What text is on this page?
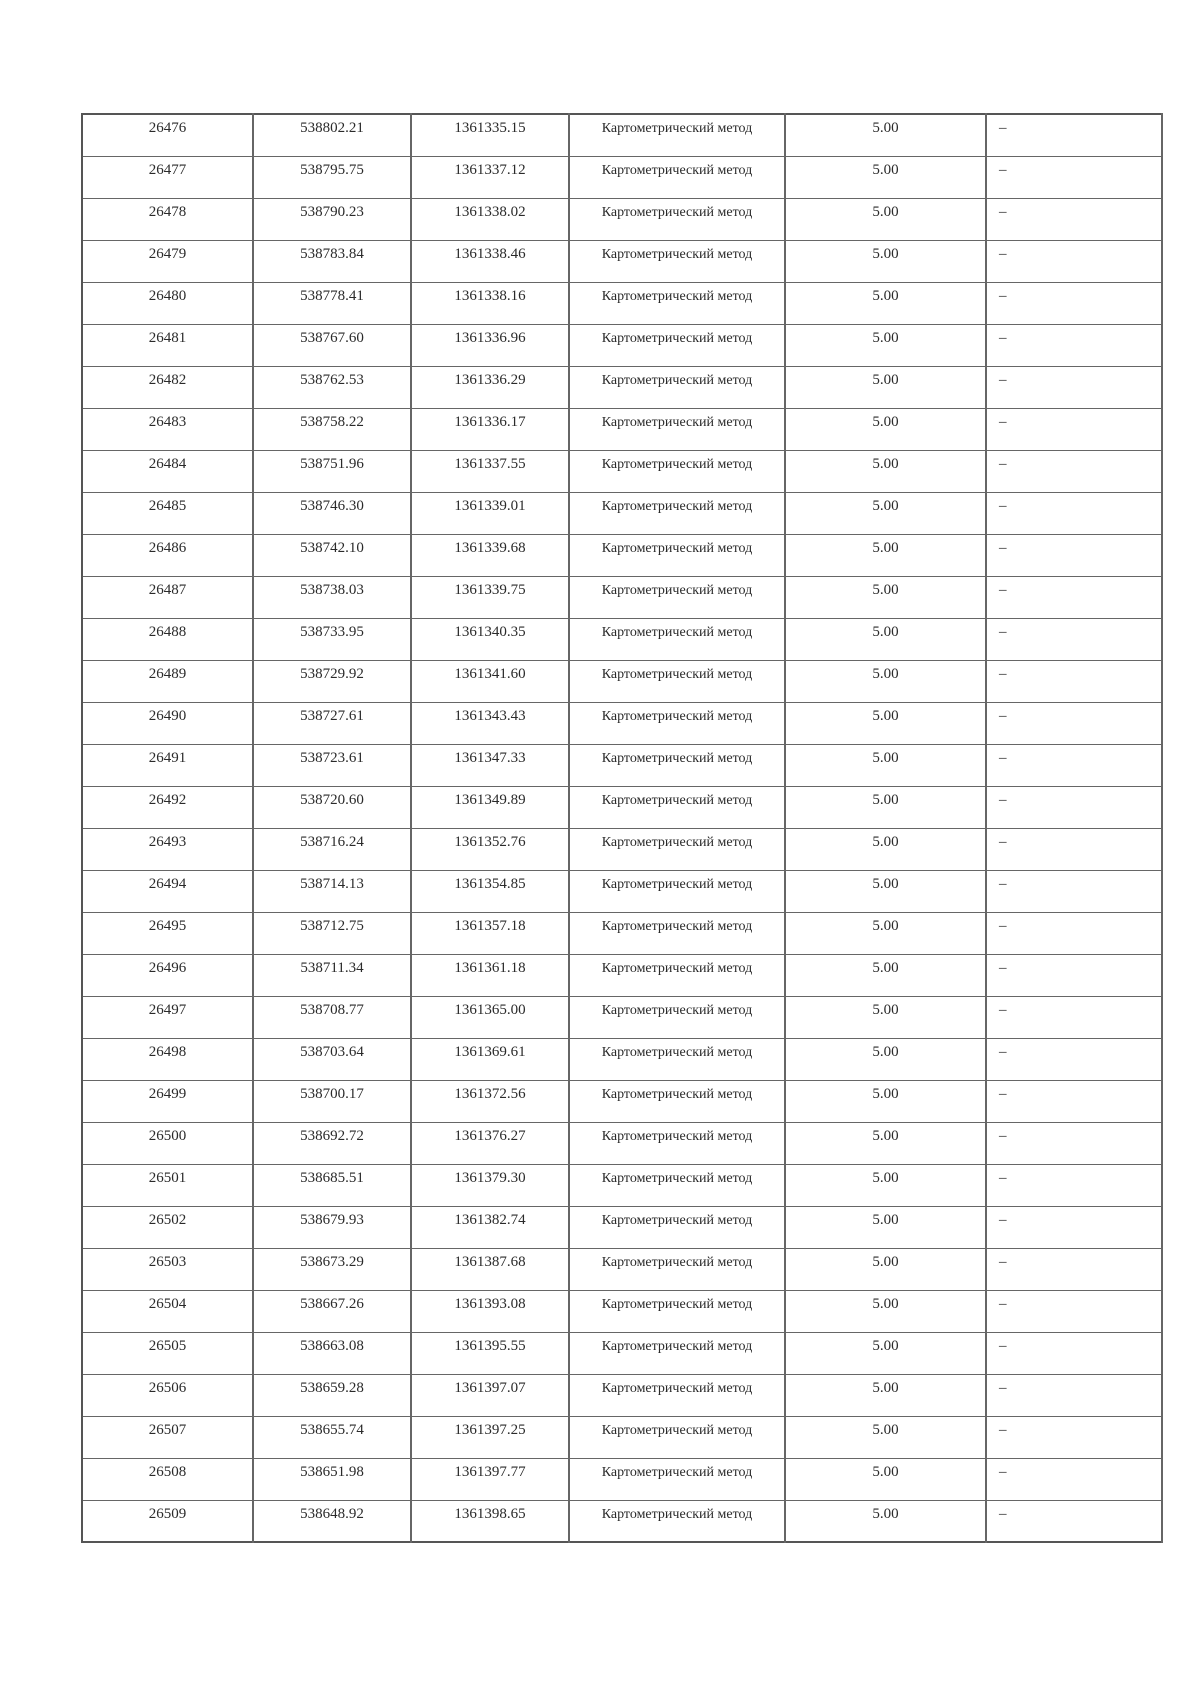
26476	538802.21	1361335.15	Картометрический метод	5.00	–

26477	538795.75	1361337.12	Картометрический метод	5.00	–

26478	538790.23	1361338.02	Картометрический метод	5.00	–

26479	538783.84	1361338.46	Картометрический метод	5.00	–

26480	538778.41	1361338.16	Картометрический метод	5.00	–

26481	538767.60	1361336.96	Картометрический метод	5.00	–

26482	538762.53	1361336.29	Картометрический метод	5.00	–

26483	538758.22	1361336.17	Картометрический метод	5.00	–

26484	538751.96	1361337.55	Картометрический метод	5.00	–

26485	538746.30	1361339.01	Картометрический метод	5.00	–

26486	538742.10	1361339.68	Картометрический метод	5.00	–

26487	538738.03	1361339.75	Картометрический метод	5.00	–

26488	538733.95	1361340.35	Картометрический метод	5.00	–

26489	538729.92	1361341.60	Картометрический метод	5.00	–

26490	538727.61	1361343.43	Картометрический метод	5.00	–

26491	538723.61	1361347.33	Картометрический метод	5.00	–

26492	538720.60	1361349.89	Картометрический метод	5.00	–

26493	538716.24	1361352.76	Картометрический метод	5.00	–

26494	538714.13	1361354.85	Картометрический метод	5.00	–

26495	538712.75	1361357.18	Картометрический метод	5.00	–

26496	538711.34	1361361.18	Картометрический метод	5.00	–

26497	538708.77	1361365.00	Картометрический метод	5.00	–

26498	538703.64	1361369.61	Картометрический метод	5.00	–

26499	538700.17	1361372.56	Картометрический метод	5.00	–

26500	538692.72	1361376.27	Картометрический метод	5.00	–

26501	538685.51	1361379.30	Картометрический метод	5.00	–

26502	538679.93	1361382.74	Картометрический метод	5.00	–

26503	538673.29	1361387.68	Картометрический метод	5.00	–

26504	538667.26	1361393.08	Картометрический метод	5.00	–

26505	538663.08	1361395.55	Картометрический метод	5.00	–

26506	538659.28	1361397.07	Картометрический метод	5.00	–

26507	538655.74	1361397.25	Картометрический метод	5.00	–

26508	538651.98	1361397.77	Картометрический метод	5.00	–

26509	538648.92	1361398.65	Картометрический метод	5.00	–
